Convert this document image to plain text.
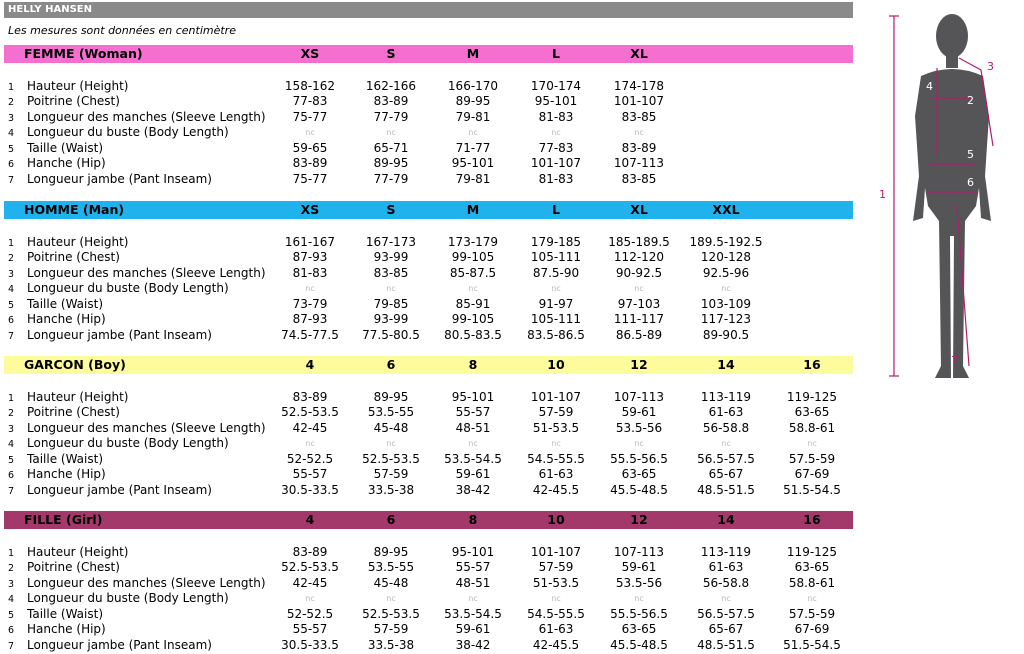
HELLY HANSEN
Les mesures sont données en centimètre
FEMME (Woman)	XS	S	M	L	XL
1 Hauteur (Height)	158-162	162-166	166-170	170-174	174-178
2 Poitrine (Chest)	77-83	83-89	89-95	95-101	101-107
3 Longueur des manches (Sleeve Length)	75-77	77-79	79-81	81-83	83-85
4 Longueur du buste (Body Length)	nc	nc	nc	nc	nc
5 Taille (Waist)	59-65	65-71	71-77	77-83	83-89
6 Hanche (Hip)	83-89	89-95	95-101	101-107	107-113
7 Longueur jambe (Pant Inseam)	75-77	77-79	79-81	81-83	83-85
HOMME (Man)	XS	S	M	L	XL	XXL
1 Hauteur (Height)	161-167	167-173	173-179	179-185	185-189.5	189.5-192.5
2 Poitrine (Chest)	87-93	93-99	99-105	105-111	112-120	120-128
3 Longueur des manches (Sleeve Length)	81-83	83-85	85-87.5	87.5-90	90-92.5	92.5-96
4 Longueur du buste (Body Length)	nc	nc	nc	nc	nc	nc
5 Taille (Waist)	73-79	79-85	85-91	91-97	97-103	103-109
6 Hanche (Hip)	87-93	93-99	99-105	105-111	111-117	117-123
7 Longueur jambe (Pant Inseam)	74.5-77.5	77.5-80.5	80.5-83.5	83.5-86.5	86.5-89	89-90.5
GARCON (Boy)	4	6	8	10	12	14	16
1 Hauteur (Height)	83-89	89-95	95-101	101-107	107-113	113-119	119-125
2 Poitrine (Chest)	52.5-53.5	53.5-55	55-57	57-59	59-61	61-63	63-65
3 Longueur des manches (Sleeve Length)	42-45	45-48	48-51	51-53.5	53.5-56	56-58.8	58.8-61
4 Longueur du buste (Body Length)	nc	nc	nc	nc	nc	nc	nc
5 Taille (Waist)	52-52.5	52.5-53.5	53.5-54.5	54.5-55.5	55.5-56.5	56.5-57.5	57.5-59
6 Hanche (Hip)	55-57	57-59	59-61	61-63	63-65	65-67	67-69
7 Longueur jambe (Pant Inseam)	30.5-33.5	33.5-38	38-42	42-45.5	45.5-48.5	48.5-51.5	51.5-54.5
FILLE (Girl)	4	6	8	10	12	14	16
1 Hauteur (Height)	83-89	89-95	95-101	101-107	107-113	113-119	119-125
2 Poitrine (Chest)	52.5-53.5	53.5-55	55-57	57-59	59-61	61-63	63-65
3 Longueur des manches (Sleeve Length)	42-45	45-48	48-51	51-53.5	53.5-56	56-58.8	58.8-61
4 Longueur du buste (Body Length)	nc	nc	nc	nc	nc	nc	nc
5 Taille (Waist)	52-52.5	52.5-53.5	53.5-54.5	54.5-55.5	55.5-56.5	56.5-57.5	57.5-59
6 Hanche (Hip)	55-57	57-59	59-61	61-63	63-65	65-67	67-69
7 Longueur jambe (Pant Inseam)	30.5-33.5	33.5-38	38-42	42-45.5	45.5-48.5	48.5-51.5	51.5-54.5
1
2
3
4
5
6
7
